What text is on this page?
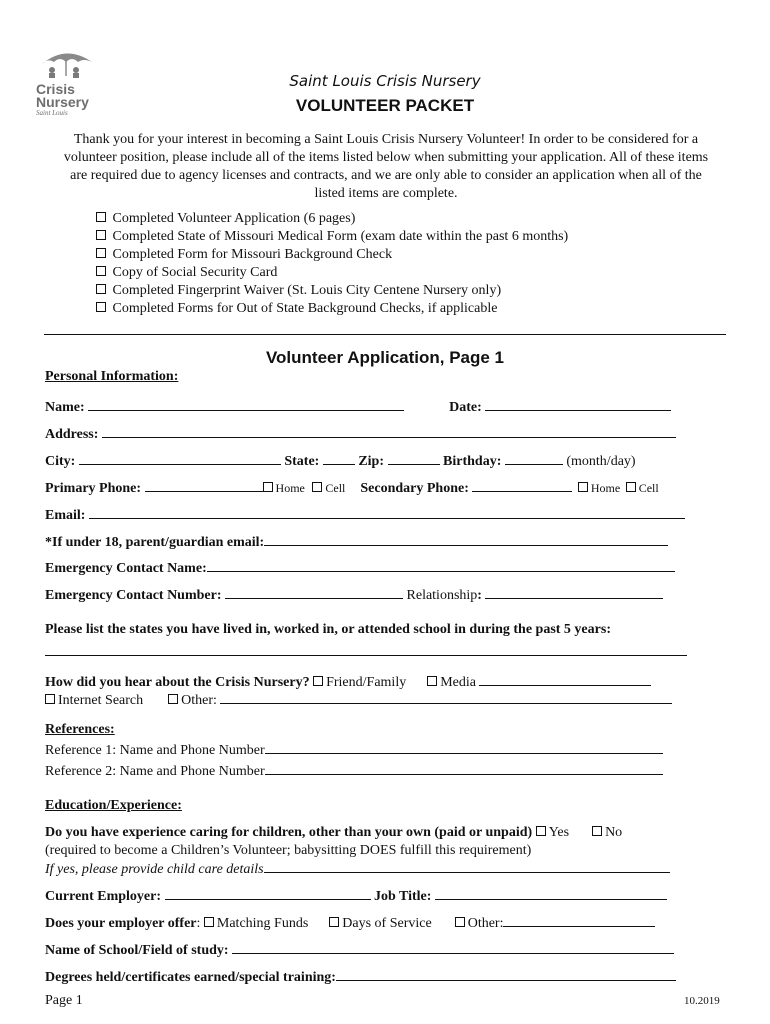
Crisis
Nursery
Saint Louis
Saint Louis Crisis Nursery
VOLUNTEER PACKET
Thank you for your interest in becoming a Saint Louis Crisis Nursery Volunteer! In order to be considered for a volunteer position, please include all of the items listed below when submitting your application. All of these items are required due to agency licenses and contracts, and we are only able to consider an application when all of the listed items are complete.
Completed Volunteer Application (6 pages)
Completed State of Missouri Medical Form (exam date within the past 6 months)
Completed Form for Missouri Background Check
Copy of Social Security Card
Completed Fingerprint Waiver (St. Louis City Centene Nursery only)
Completed Forms for Out of State Background Checks, if applicable
Volunteer Application, Page 1
Personal Information:
Name:	Date:
Address:
City:	State:	Zip:	Birthday:	(month/day)
Primary Phone:	Home Cell Secondary Phone:	Home Cell
Email:
*If under 18, parent/guardian email:
Emergency Contact Name:
Emergency Contact Number:	Relationship:
Please list the states you have lived in, worked in, or attended school in during the past 5 years:
How did you hear about the Crisis Nursery? Friend/Family Media
Internet Search	Other:
References:
Reference 1: Name and Phone Number
Reference 2: Name and Phone Number
Education/Experience:
Do you have experience caring for children, other than your own (paid or unpaid) Yes	No
(required to become a Children’s Volunteer; babysitting DOES fulfill this requirement)
If yes, please provide child care details
Current Employer:	Job Title:
Does your employer offer: Matching Funds Days of Service	Other:
Name of School/Field of study:
Degrees held/certificates earned/special training:
Page 1	10.2019
